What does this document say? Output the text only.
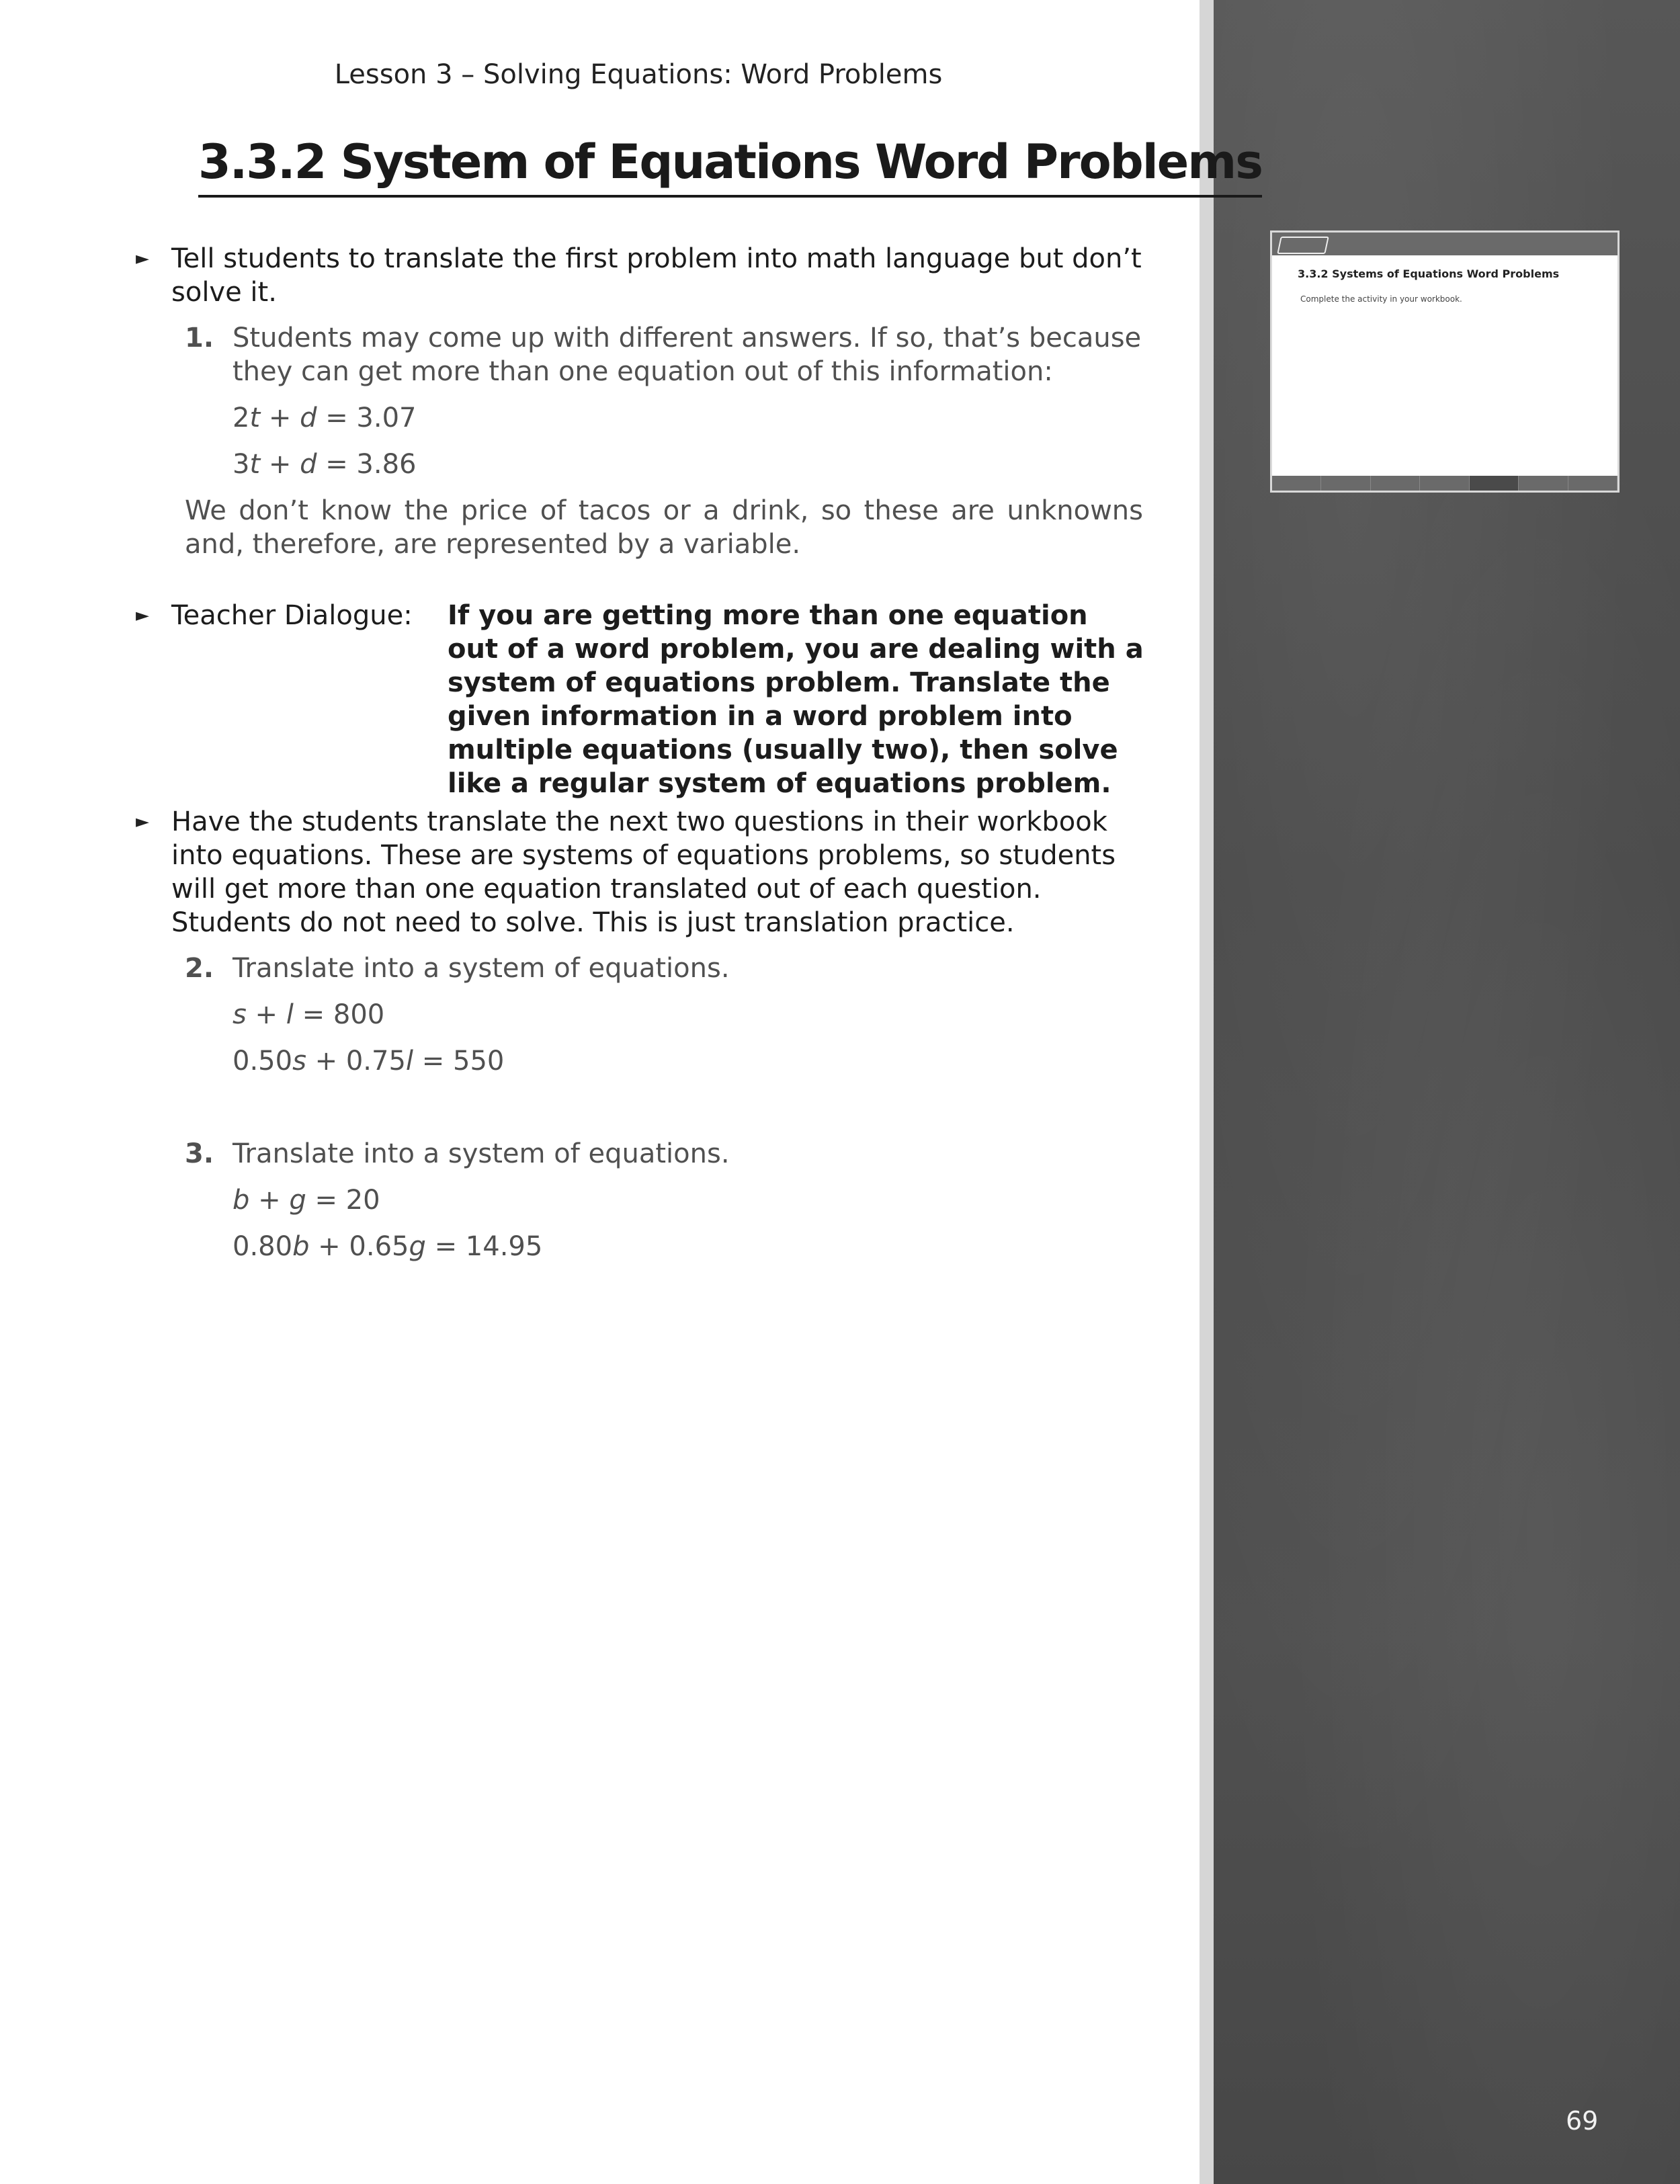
Lesson 3 – Solving Equations: Word Problems
3.3.2 System of Equations Word Problems
► Tell students to translate the first problem into math language but don’t solve it.
1. Students may come up with different answers. If so, that’s because they can get more than one equation out of this information:
2t + d = 3.07
3t + d = 3.86
We don’t know the price of tacos or a drink, so these are unknowns and, therefore, are represented by a variable.
► Teacher Dialogue: If you are getting more than one equation out of a word problem, you are dealing with a system of equations problem. Translate the given information in a word problem into multiple equations (usually two), then solve like a regular system of equations problem.
► Have the students translate the next two questions in their workbook into equations. These are systems of equations problems, so students will get more than one equation translated out of each question. Students do not need to solve. This is just translation practice.
2. Translate into a system of equations.
s + l = 800
0.50s + 0.75l = 550
3. Translate into a system of equations.
b + g = 20
0.80b + 0.65g = 14.95
3.3.2 Systems of Equations Word Problems
Complete the activity in your workbook.
69
